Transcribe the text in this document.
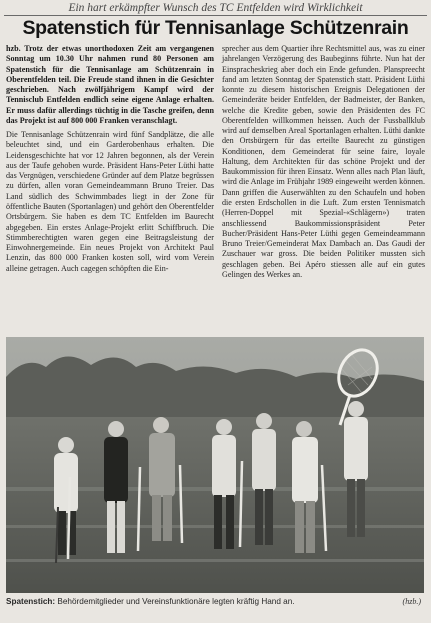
Ein hart erkämpfter Wunsch des TC Entfelden wird Wirklichkeit
Spatenstich für Tennisanlage Schützenrain

hzb. Trotz der etwas unorthodoxen Zeit am vergangenen Sonntag um 10.30 Uhr nahmen rund 80 Personen am Spatenstich für die Tennisanlage am Schützenrain in Oberentfelden teil. Die Freude stand ihnen in die Gesichter geschrieben. Nach zwölfjährigem Kampf wird der Tennisclub Entfelden endlich seine eigene Anlage erhalten. Er muss dafür allerdings tüchtig in die Tasche greifen, denn das Projekt ist auf 800 000 Franken veranschlagt.

Die Tennisanlage Schützenrain wird fünf Sandplätze, die alle beleuchtet sind, und ein Garderobenhaus erhalten. Die Leidensgeschichte hat vor 12 Jahren begonnen, als der Verein aus der Taufe gehoben wurde. Präsident Hans-Peter Lüthi hatte das Vergnügen, verschiedene Gründer auf dem Platze begrüssen zu dürfen, allen voran Gemeindeammann Bruno Treier. Das Land südlich des Schwimmbades liegt in der Zone für öffentliche Bauten (Sportanlagen) und gehört den Oberentfelder Ortsbürgern. Sie haben es dem TC Entfelden im Baurecht abgegeben. Ein erstes Anlage-Projekt erlitt Schiffbruch. Die Stimmberechtigten waren gegen eine Beitragsleistung der Einwohnergemeinde. Ein neues Projekt von Architekt Paul Lenzin, das 800 000 Franken kosten soll, wird vom Verein alleine getragen. Auch cagegen schöpften die Ein-

sprecher aus dem Quartier ihre Rechtsmittel aus, was zu einer jahrelangen Verzögerung des Baubeginns führte. Nun hat der Einspracheskrieg aber doch ein Ende gefunden. Planspreecht fand am letzten Sonntag der Spatenstich statt. Präsident Lüthi konnte zu diesem historischen Ereignis Delegationen der Gemeinderäte beider Entfelden, der Badmeister, der Banken, welche die Kredite geben, sowie den Präsidenten des FC Oberentfelden willkommen heissen. Auch der Fussballklub wird auf demselben Areal Sportanlagen erhalten. Lüthi dankte den Ortsbürgern für das erteilte Baurecht zu günstigen Konditionen, dem Gemeinderat für seine faire, loyale Haltung, dem Architekten für das schöne Projekt und der Baukommission für ihren Einsatz. Wenn alles nach Plan läuft, wird die Anlage im Frühjahr 1989 eingeweiht werden können. Dann griffen die Auserwählten zu den Schaufeln und hoben die ersten Erdschollen in die Luft. Zum ersten Tennismatch (Herren-Doppel mit Spezial-«Schlägern») traten anschliessend Baukommissionspräsident Peter Bucher/Präsident Hans-Peter Lüthi gegen Gemeindeammann Bruno Treier/Gemeinderat Max Dambach an. Das Gaudi der Zuschauer war gross. Die beiden Politiker mussten sich geschlagen geben. Bei Apéro stiessen alle auf ein gutes Gelingen des Werkes an.

Spatenstich: Behördemitglieder und Vereinsfunktionäre legten kräftig Hand an.	(hzb.)
